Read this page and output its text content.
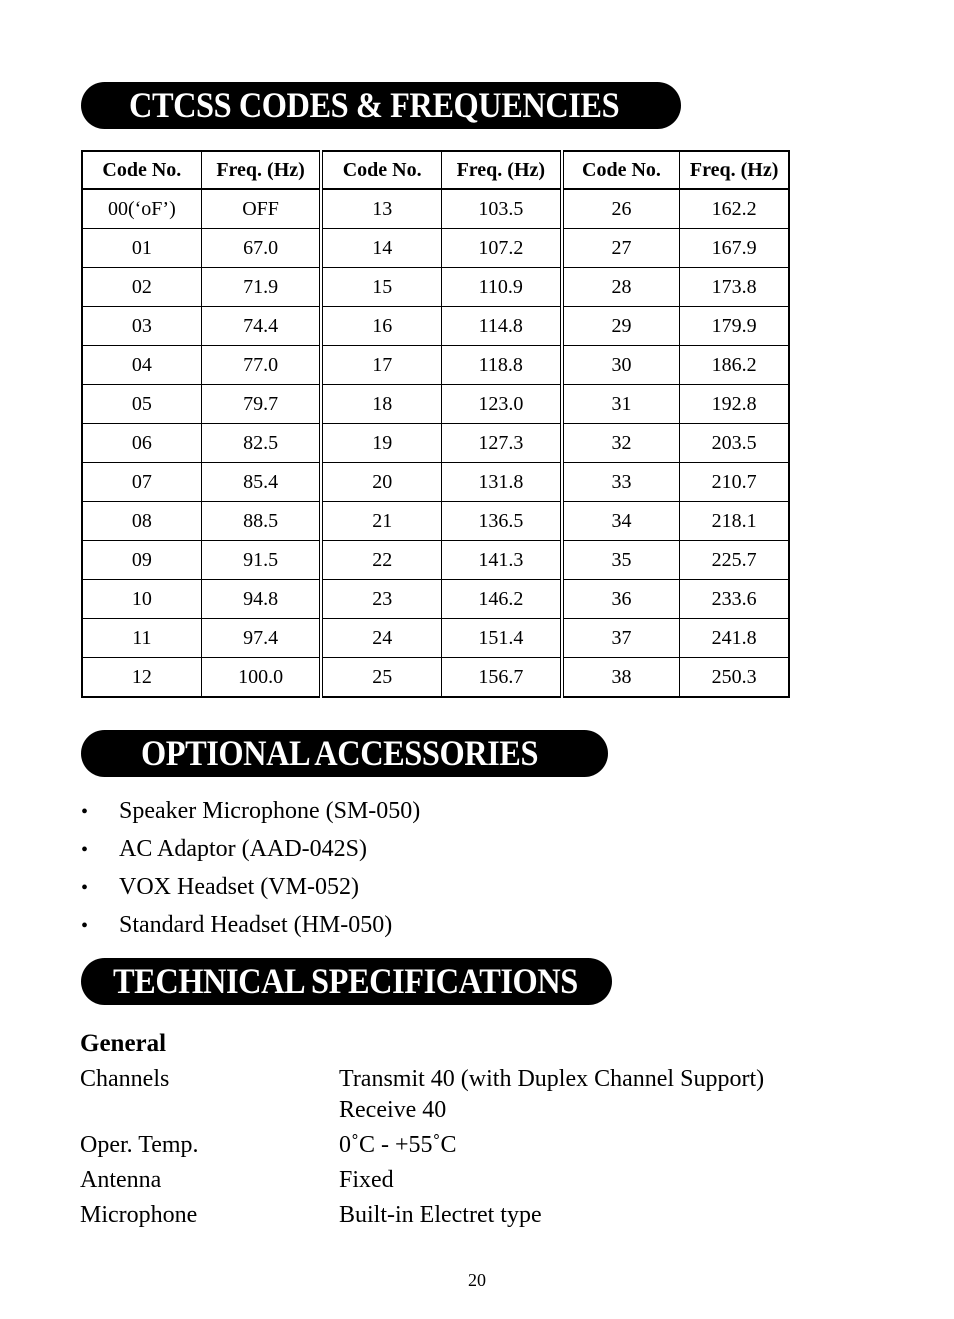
CTCSS CODES & FREQUENCIES
Code No.	Freq. (Hz)	Code No.	Freq. (Hz)	Code No.	Freq. (Hz)
00(‘oF’)	OFF	13	103.5	26	162.2
01	67.0	14	107.2	27	167.9
02	71.9	15	110.9	28	173.8
03	74.4	16	114.8	29	179.9
04	77.0	17	118.8	30	186.2
05	79.7	18	123.0	31	192.8
06	82.5	19	127.3	32	203.5
07	85.4	20	131.8	33	210.7
08	88.5	21	136.5	34	218.1
09	91.5	22	141.3	35	225.7
10	94.8	23	146.2	36	233.6
11	97.4	24	151.4	37	241.8
12	100.0	25	156.7	38	250.3
OPTIONAL ACCESSORIES
• Speaker Microphone (SM-050)
• AC Adaptor (AAD-042S)
• VOX Headset (VM-052)
• Standard Headset (HM-050)
TECHNICAL SPECIFICATIONS
General
Channels	Transmit 40 (with Duplex Channel Support)
Receive 40
Oper. Temp.	0˚C - +55˚C
Antenna	Fixed
Microphone	Built-in Electret type
20
